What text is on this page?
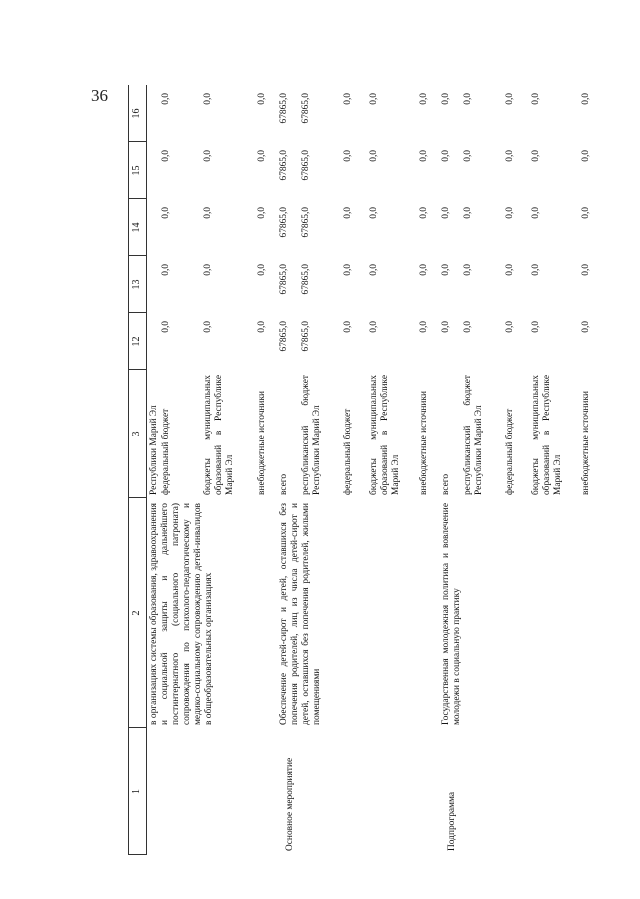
36
1
2
3
12
13
14
15
16
в организациях системы образования, здравоохранения и социальной защиты и дальнейшего постинтернатного (социального патроната) сопровождения по психолого-педагогическому и медико-социальному сопровождению детей-инвалидов в общеобразовательных организациях
Республики Марий Эл федеральный бюджет
0,0
0,0
0,0
0,0
0,0
бюджеты муниципальных образований в Республике Марий Эл
0,0
0,0
0,0
0,0
0,0
внебюджетные источники
0,0
0,0
0,0
0,0
0,0
Основное мероприятие
Обеспечение детей-сирот и детей, оставшихся без попечения родителей, лиц из числа детей-сирот и детей, оставшихся без попечения родителей, жилыми помещениями
всего
67865,0
67865,0
67865,0
67865,0
67865,0
республиканский бюджет Республики Марий Эл
67865,0
67865,0
67865,0
67865,0
67865,0
федеральный бюджет
0,0
0,0
0,0
0,0
0,0
бюджеты муниципальных образований в Республике Марий Эл
0,0
0,0
0,0
0,0
0,0
внебюджетные источники
0,0
0,0
0,0
0,0
0,0
Подпрограмма
Государственная молодежная политика и вовлечение молодежи в социальную практику
всего
0,0
0,0
0,0
0,0
0,0
республиканский бюджет Республики Марий Эл
0,0
0,0
0,0
0,0
0,0
федеральный бюджет
0,0
0,0
0,0
0,0
0,0
бюджеты муниципальных образований в Республике Марий Эл
0,0
0,0
0,0
0,0
0,0
внебюджетные источники
0,0
0,0
0,0
0,0
0,0
